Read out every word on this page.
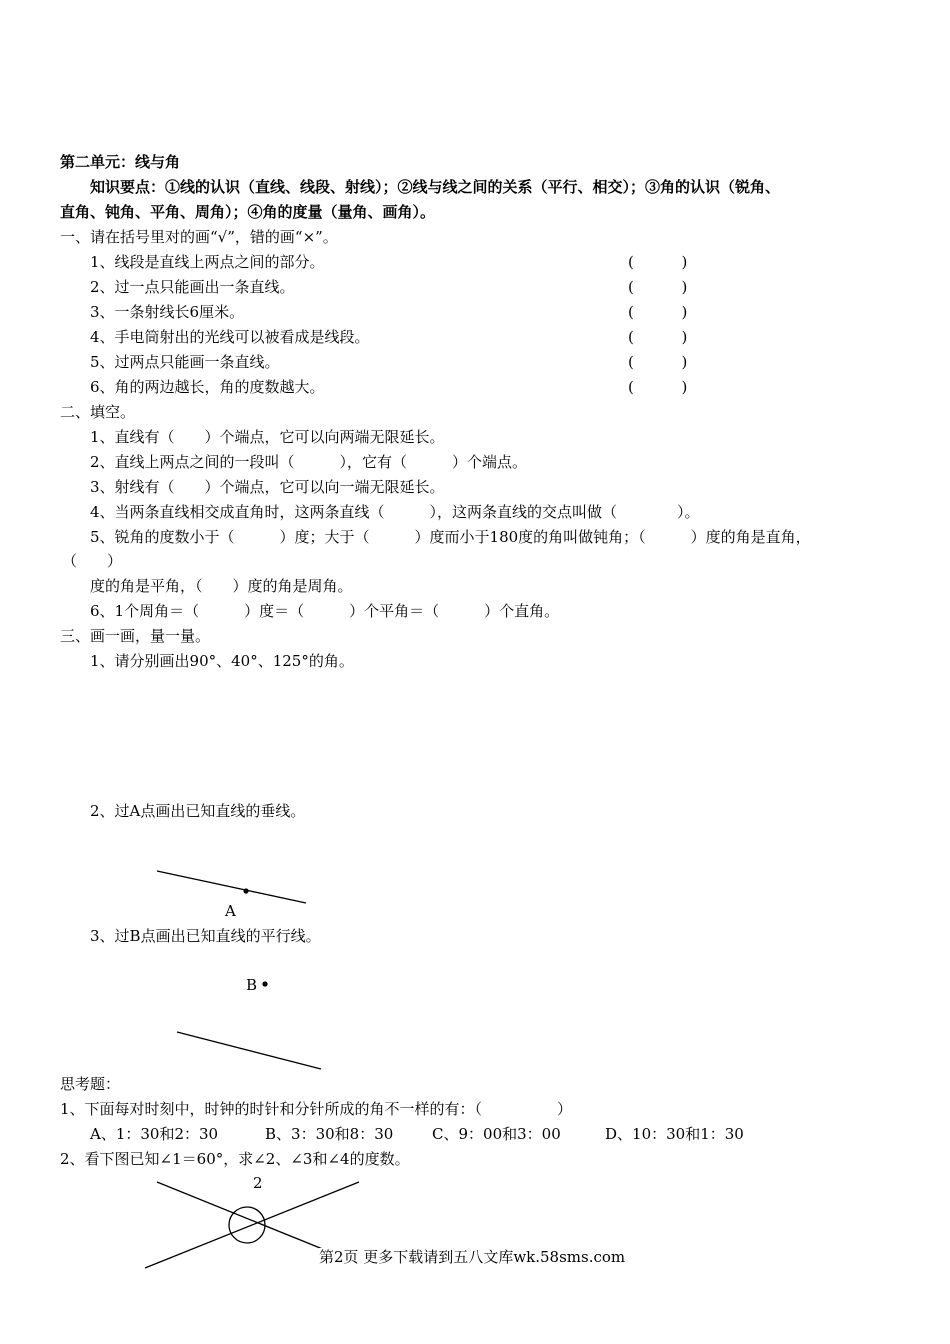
第二单元：线与角
知识要点：①线的认识（直线、线段、射线）；②线与线之间的关系（平行、相交）；③角的认识（锐角、
直角、钝角、平角、周角）；④角的度量（量角、画角）。
一、请在括号里对的画“√”，错的画“×”。
1、线段是直线上两点之间的部分。	(          )
2、过一点只能画出一条直线。	(          )
3、一条射线长6厘米。	(          )
4、手电筒射出的光线可以被看成是线段。	(          )
5、过两点只能画一条直线。	(          )
6、角的两边越长，角的度数越大。	(          )
二、填空。
1、直线有（　　）个端点，它可以向两端无限延长。
2、直线上两点之间的一段叫（　　　），它有（　　　）个端点。
3、射线有（　　）个端点，它可以向一端无限延长。
4、当两条直线相交成直角时，这两条直线（　　　），这两条直线的交点叫做（　　　　）。
5、锐角的度数小于（　　　）度；大于（　　　）度而小于180度的角叫做钝角；（　　　）度的角是直角，
（　　）
度的角是平角，（　　）度的角是周角。
6、1个周角＝（　　　）度＝（　　　）个平角＝（　　　）个直角。
三、画一画，量一量。
1、请分别画出90°、40°、125°的角。
2、过A点画出已知直线的垂线。
A
3、过B点画出已知直线的平行线。
B
思考题：
1、下面每对时刻中，时钟的时针和分针所成的角不一样的有：（　　　　　）
A、1：30和2：30	B、3：30和8：30	C、9：00和3：00	D、10：30和1：30
2、看下图已知∠1＝60°，求∠2、∠3和∠4的度数。
2
第2页 更多下载请到五八文库wk.58sms.com
